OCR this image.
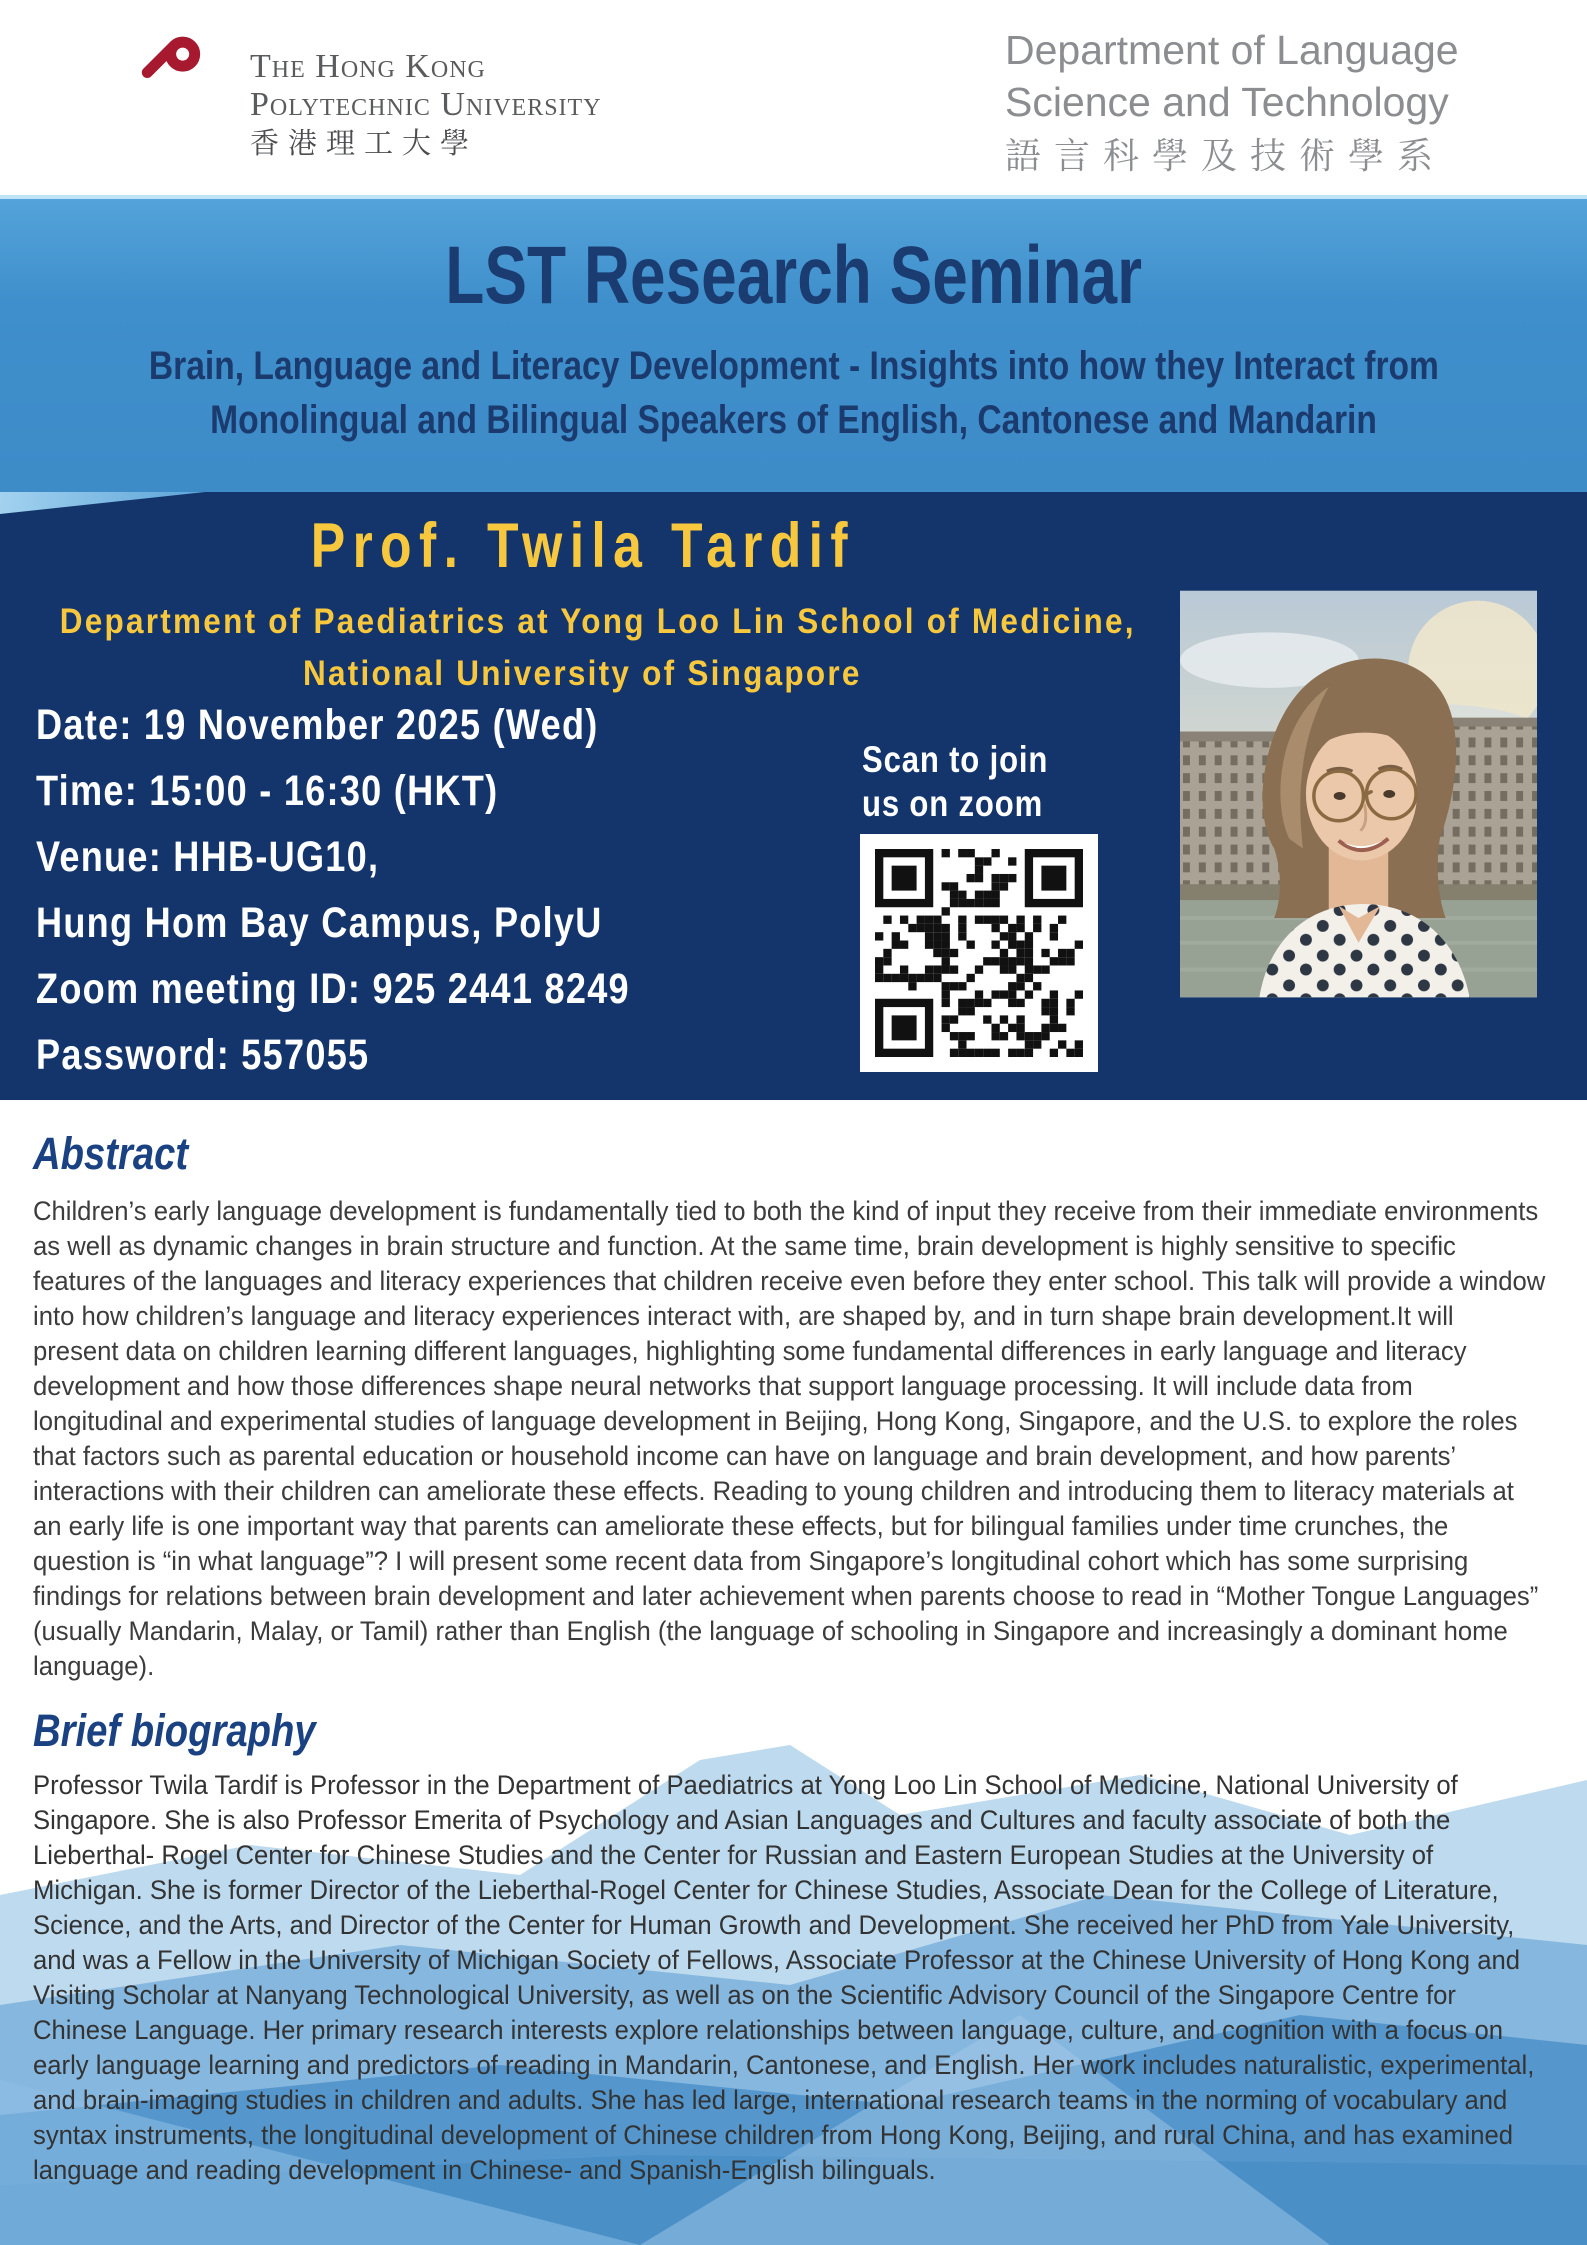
The Hong Kong
Polytechnic University
香港理工大學
Department of Language
Science and Technology
語言科學及技術學系
LST Research Seminar
Brain, Language and Literacy Development - Insights into how they Interact from
Monolingual and Bilingual Speakers of English, Cantonese and Mandarin
Prof. Twila Tardif
Department of Paediatrics at Yong Loo Lin School of Medicine,
National University of Singapore
Date: 19 November 2025 (Wed)
Time: 15:00 - 16:30 (HKT)
Venue: HHB-UG10,
Hung Hom Bay Campus, PolyU
Zoom meeting ID: 925 2441 8249
Password: 557055
Scan to join
us on zoom
Abstract
Children’s early language development is fundamentally tied to both the kind of input they receive from their immediate environments as well as dynamic changes in brain structure and function. At the same time, brain development is highly sensitive to specific features of the languages and literacy experiences that children receive even before they enter school. This talk will provide a window into how children’s language and literacy experiences interact with, are shaped by, and in turn shape brain development.It will present data on children learning different languages, highlighting some fundamental differences in early language and literacy development and how those differences shape neural networks that support language processing. It will include data from longitudinal and experimental studies of language development in Beijing, Hong Kong, Singapore, and the U.S. to explore the roles that factors such as parental education or household income can have on language and brain development, and how parents’ interactions with their children can ameliorate these effects. Reading to young children and introducing them to literacy materials at an early life is one important way that parents can ameliorate these effects, but for bilingual families under time crunches, the question is “in what language”? I will present some recent data from Singapore’s longitudinal cohort which has some surprising findings for relations between brain development and later achievement when parents choose to read in “Mother Tongue Languages” (usually Mandarin, Malay, or Tamil) rather than English (the language of schooling in Singapore and increasingly a dominant home language).
Brief biography
Professor Twila Tardif is Professor in the Department of Paediatrics at Yong Loo Lin School of Medicine, National University of Singapore. She is also Professor Emerita of Psychology and Asian Languages and Cultures and faculty associate of both the Lieberthal- Rogel Center for Chinese Studies and the Center for Russian and Eastern European Studies at the University of Michigan. She is former Director of the Lieberthal-Rogel Center for Chinese Studies, Associate Dean for the College of Literature, Science, and the Arts, and Director of the Center for Human Growth and Development. She received her PhD from Yale University, and was a Fellow in the University of Michigan Society of Fellows, Associate Professor at the Chinese University of Hong Kong and Visiting Scholar at Nanyang Technological University, as well as on the Scientific Advisory Council of the Singapore Centre for Chinese Language. Her primary research interests explore relationships between language, culture, and cognition with a focus on early language learning and predictors of reading in Mandarin, Cantonese, and English. Her work includes naturalistic, experimental, and brain-imaging studies in children and adults. She has led large, international research teams in the norming of vocabulary and syntax instruments, the longitudinal development of Chinese children from Hong Kong, Beijing, and rural China, and has examined language and reading development in Chinese- and Spanish-English bilinguals.
